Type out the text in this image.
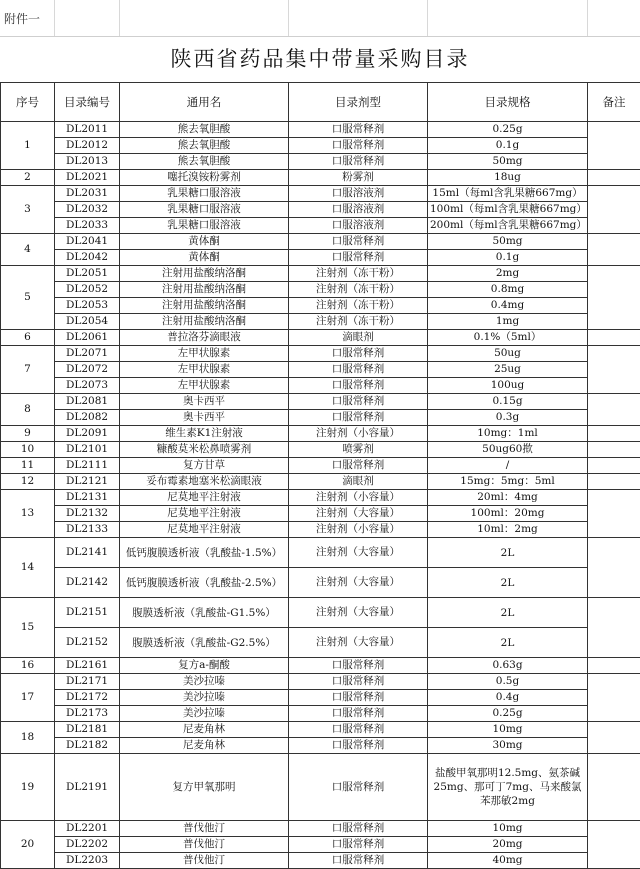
附件一
陕西省药品集中带量采购目录
序号	目录编号	通用名	目录剂型	目录规格	备注
1	DL2011	熊去氧胆酸	口服常释剂	0.25g	
	DL2012	熊去氧胆酸	口服常释剂	0.1g	
	DL2013	熊去氧胆酸	口服常释剂	50mg	
2	DL2021	噻托溴铵粉雾剂	粉雾剂	18ug	
3	DL2031	乳果糖口服溶液	口服溶液剂	15ml（每ml含乳果糖667mg）	
	DL2032	乳果糖口服溶液	口服溶液剂	100ml（每ml含乳果糖667mg）	
	DL2033	乳果糖口服溶液	口服溶液剂	200ml（每ml含乳果糖667mg）	
4	DL2041	黄体酮	口服常释剂	50mg	
	DL2042	黄体酮	口服常释剂	0.1g	
5	DL2051	注射用盐酸纳洛酮	注射剂（冻干粉）	2mg	
	DL2052	注射用盐酸纳洛酮	注射剂（冻干粉）	0.8mg	
	DL2053	注射用盐酸纳洛酮	注射剂（冻干粉）	0.4mg	
	DL2054	注射用盐酸纳洛酮	注射剂（冻干粉）	1mg	
6	DL2061	普拉洛芬滴眼液	滴眼剂	0.1%（5ml）	
7	DL2071	左甲状腺素	口服常释剂	50ug	
	DL2072	左甲状腺素	口服常释剂	25ug	
	DL2073	左甲状腺素	口服常释剂	100ug	
8	DL2081	奥卡西平	口服常释剂	0.15g	
	DL2082	奥卡西平	口服常释剂	0.3g	
9	DL2091	维生素K1注射液	注射剂（小容量）	10mg：1ml	
10	DL2101	糠酸莫米松鼻喷雾剂	喷雾剂	50ug60揿	
11	DL2111	复方甘草	口服常释剂	/	
12	DL2121	妥布霉素地塞米松滴眼液	滴眼剂	15mg：5mg：5ml	
13	DL2131	尼莫地平注射液	注射剂（小容量）	20ml：4mg	
	DL2132	尼莫地平注射液	注射剂（大容量）	100ml：20mg	
	DL2133	尼莫地平注射液	注射剂（小容量）	10ml：2mg	
14	DL2141	低钙腹膜透析液（乳酸盐-1.5%）	注射剂（大容量）	2L	
	DL2142	低钙腹膜透析液（乳酸盐-2.5%）	注射剂（大容量）	2L	
15	DL2151	腹膜透析液（乳酸盐-G1.5%）	注射剂（大容量）	2L	
	DL2152	腹膜透析液（乳酸盐-G2.5%）	注射剂（大容量）	2L	
16	DL2161	复方a-酮酸	口服常释剂	0.63g	
17	DL2171	美沙拉嗪	口服常释剂	0.5g	
	DL2172	美沙拉嗪	口服常释剂	0.4g	
	DL2173	美沙拉嗪	口服常释剂	0.25g	
18	DL2181	尼麦角林	口服常释剂	10mg	
	DL2182	尼麦角林	口服常释剂	30mg	
19	DL2191	复方甲氧那明	口服常释剂	盐酸甲氧那明12.5mg、氨茶碱25mg、那可丁7mg、马来酸氯苯那敏2mg	
20	DL2201	普伐他汀	口服常释剂	10mg	
	DL2202	普伐他汀	口服常释剂	20mg	
	DL2203	普伐他汀	口服常释剂	40mg	
